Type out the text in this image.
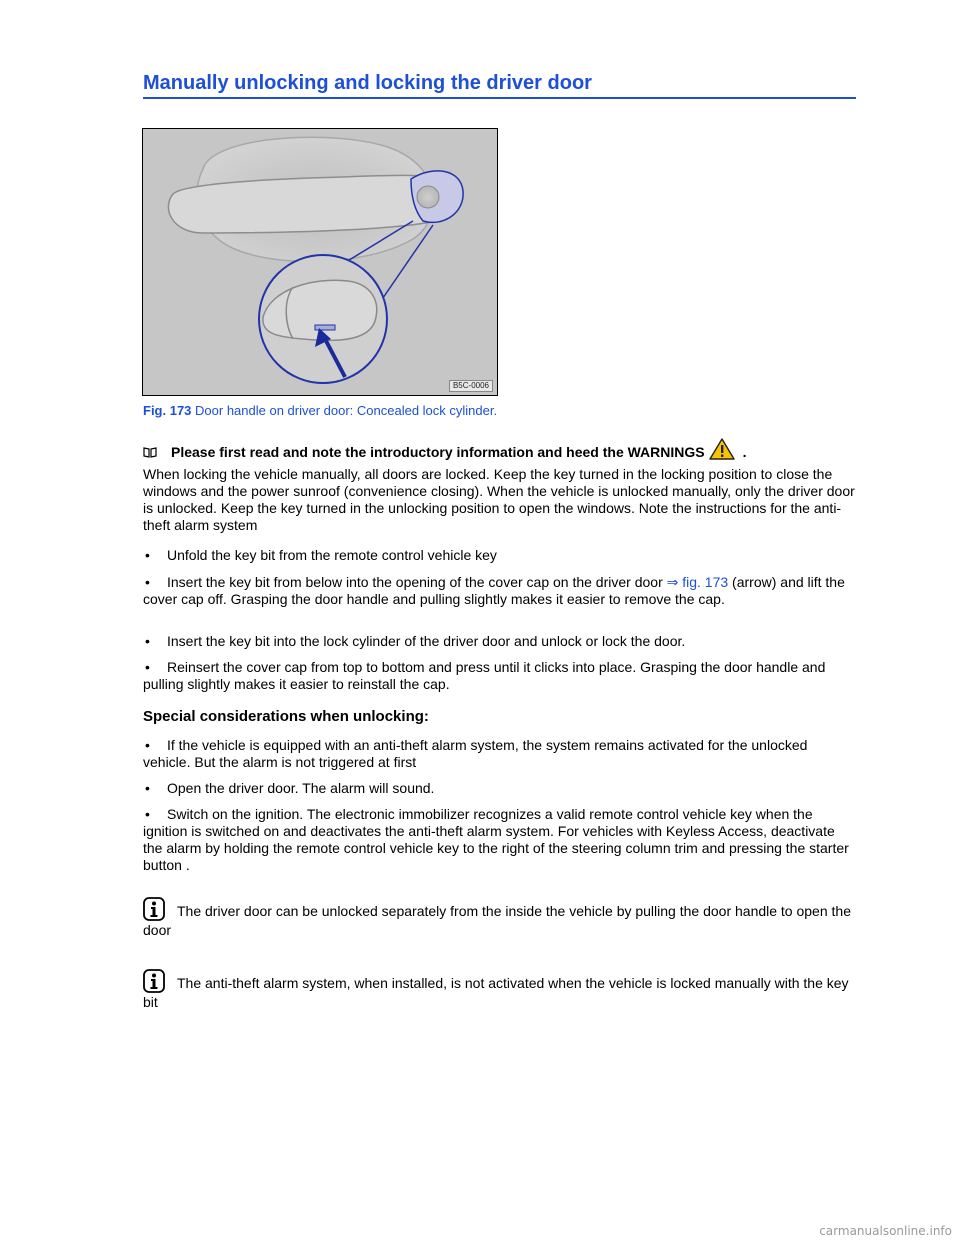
Manually unlocking and locking the driver door
B5C-0006
Fig. 173 Door handle on driver door: Concealed lock cylinder.
Please first read and note the introductory information and heed the WARNINGS	.
When locking the vehicle manually, all doors are locked. Keep the key turned in the locking position to close the windows and the power sunroof (convenience closing). When the vehicle is unlocked manually, only the driver door is unlocked. Keep the key turned in the unlocking position to open the windows. Note the instructions for the anti-theft alarm system
• Unfold the key bit from the remote control vehicle key
• Insert the key bit from below into the opening of the cover cap on the driver door ⇒ fig. 173 (arrow) and lift the cover cap off. Grasping the door handle and pulling slightly makes it easier to remove the cap.
• Insert the key bit into the lock cylinder of the driver door and unlock or lock the door.
• Reinsert the cover cap from top to bottom and press until it clicks into place. Grasping the door handle and pulling slightly makes it easier to reinstall the cap.
Special considerations when unlocking:
• If the vehicle is equipped with an anti-theft alarm system, the system remains activated for the unlocked vehicle. But the alarm is not triggered at first
• Open the driver door. The alarm will sound.
• Switch on the ignition. The electronic immobilizer recognizes a valid remote control vehicle key when the ignition is switched on and deactivates the anti-theft alarm system. For vehicles with Keyless Access, deactivate the alarm by holding the remote control vehicle key to the right of the steering column trim and pressing the starter button .
The driver door can be unlocked separately from the inside the vehicle by pulling the door handle to open the door
The anti-theft alarm system, when installed, is not activated when the vehicle is locked manually with the key bit
carmanualsonline.info
